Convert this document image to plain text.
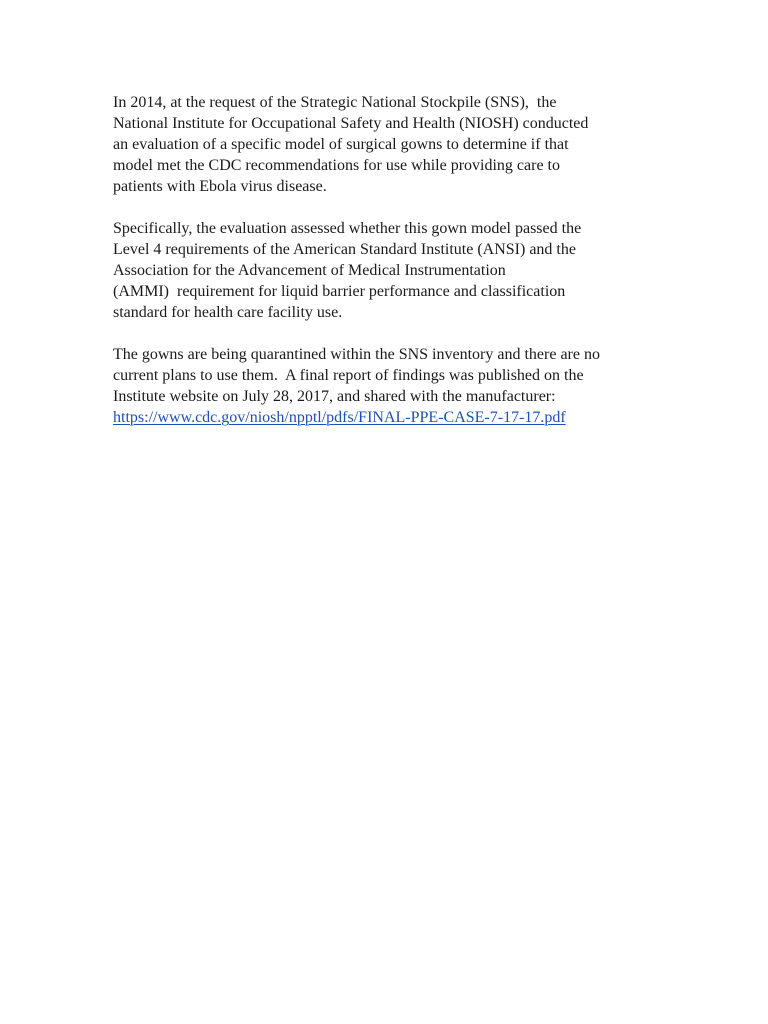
In 2014, at the request of the Strategic National Stockpile (SNS),  the
National Institute for Occupational Safety and Health (NIOSH) conducted
an evaluation of a specific model of surgical gowns to determine if that
model met the CDC recommendations for use while providing care to
patients with Ebola virus disease.

Specifically, the evaluation assessed whether this gown model passed the
Level 4 requirements of the American Standard Institute (ANSI) and the
Association for the Advancement of Medical Instrumentation
(AMMI)  requirement for liquid barrier performance and classification
standard for health care facility use.

The gowns are being quarantined within the SNS inventory and there are no
current plans to use them.  A final report of findings was published on the
Institute website on July 28, 2017, and shared with the manufacturer:
https://www.cdc.gov/niosh/npptl/pdfs/FINAL-PPE-CASE-7-17-17.pdf
